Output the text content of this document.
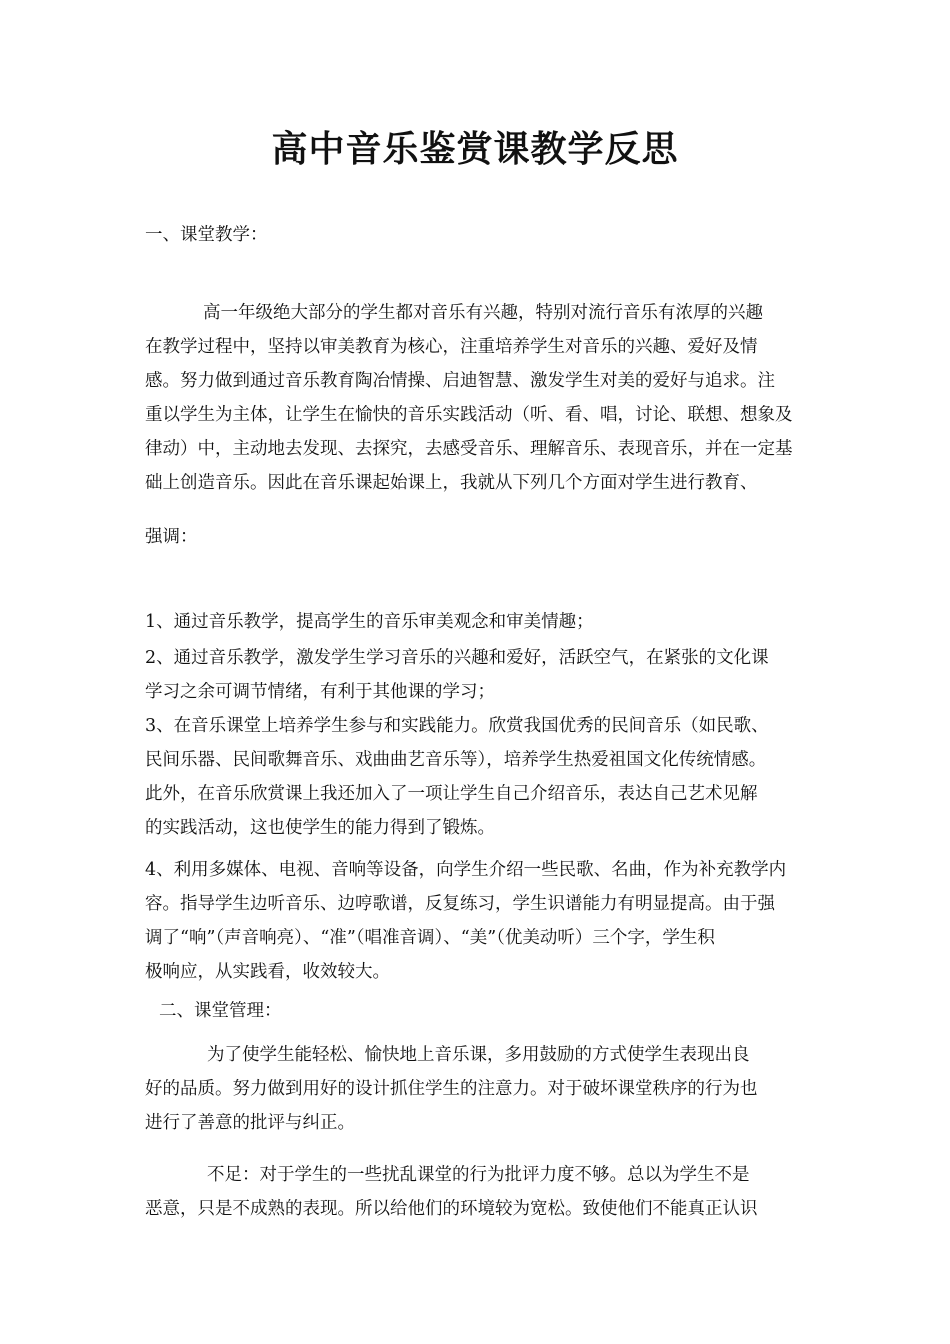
高中音乐鉴赏课教学反思
一、课堂教学：
高一年级绝大部分的学生都对音乐有兴趣，特别对流行音乐有浓厚的兴趣
在教学过程中，坚持以审美教育为核心，注重培养学生对音乐的兴趣、爱好及情
感。努力做到通过音乐教育陶冶情操、启迪智慧、激发学生对美的爱好与追求。注
重以学生为主体，让学生在愉快的音乐实践活动（听、看、唱，讨论、联想、想象及
律动）中，主动地去发现、去探究，去感受音乐、理解音乐、表现音乐，并在一定基
础上创造音乐。因此在音乐课起始课上，我就从下列几个方面对学生进行教育、
强调：
1、通过音乐教学，提高学生的音乐审美观念和审美情趣；
2、通过音乐教学，激发学生学习音乐的兴趣和爱好，活跃空气，在紧张的文化课
学习之余可调节情绪，有利于其他课的学习；
3、在音乐课堂上培养学生参与和实践能力。欣赏我国优秀的民间音乐（如民歌、
民间乐器、民间歌舞音乐、戏曲曲艺音乐等），培养学生热爱祖国文化传统情感。
此外，在音乐欣赏课上我还加入了一项让学生自己介绍音乐，表达自己艺术见解
的实践活动，这也使学生的能力得到了锻炼。
4、利用多媒体、电视、音响等设备，向学生介绍一些民歌、名曲，作为补充教学内
容。指导学生边听音乐、边哼歌谱，反复练习，学生识谱能力有明显提高。由于强
调了“响”（声音响亮）、“准”（唱准音调）、“美”（优美动听）三个字，学生积
极响应，从实践看，收效较大。
二、课堂管理：
为了使学生能轻松、愉快地上音乐课，多用鼓励的方式使学生表现出良
好的品质。努力做到用好的设计抓住学生的注意力。对于破坏课堂秩序的行为也
进行了善意的批评与纠正。
不足：对于学生的一些扰乱课堂的行为批评力度不够。总以为学生不是
恶意，只是不成熟的表现。所以给他们的环境较为宽松。致使他们不能真正认识
